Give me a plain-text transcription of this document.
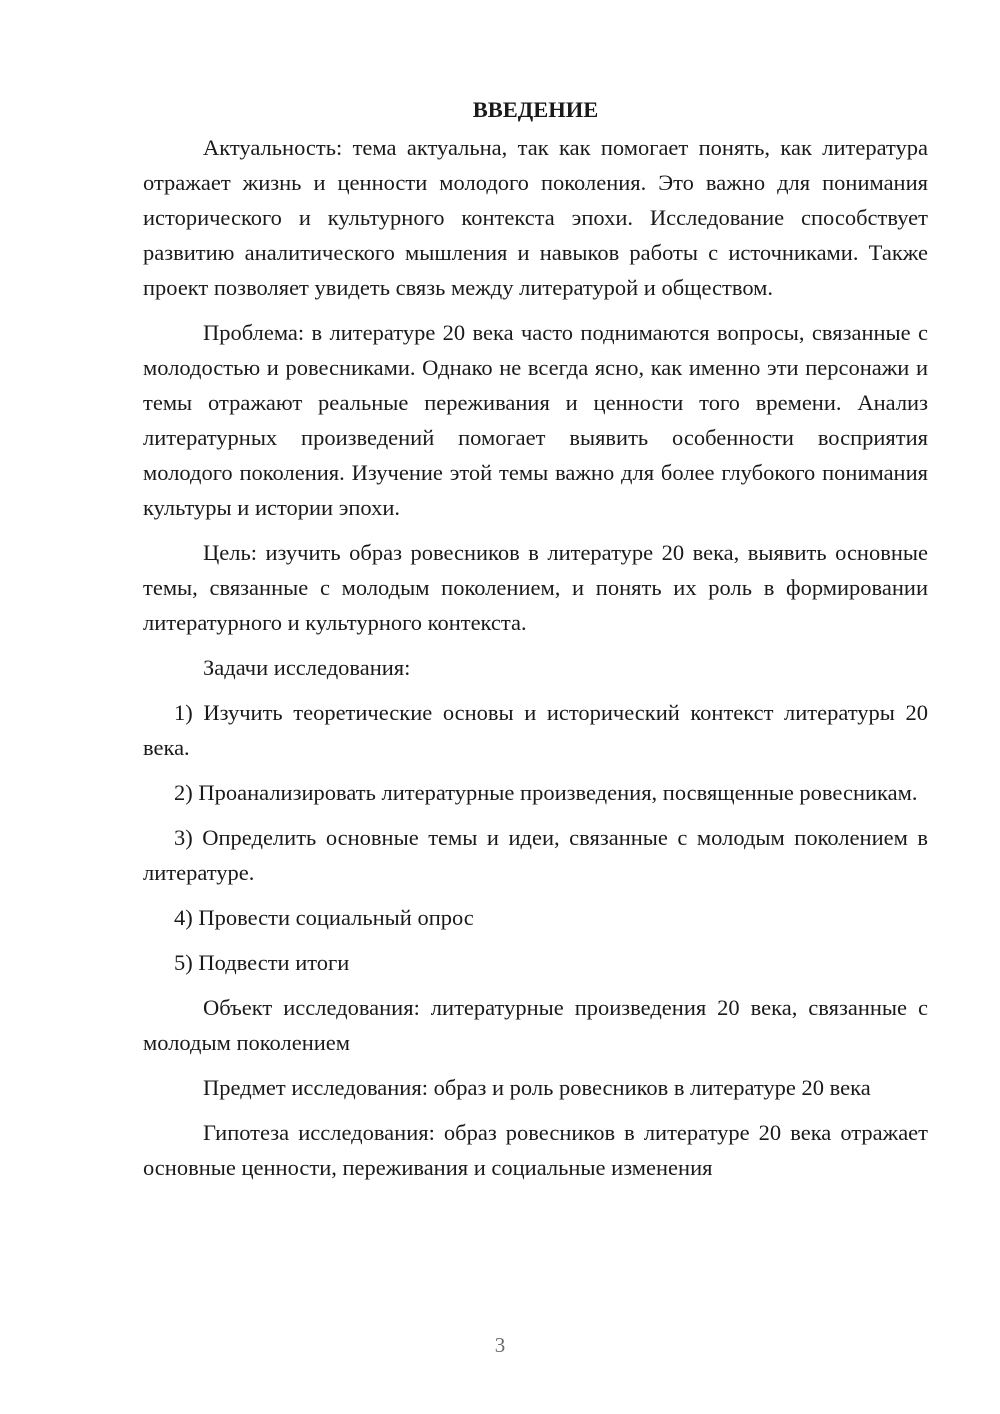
ВВЕДЕНИЕ

Актуальность: тема актуальна, так как помогает понять, как литература отражает жизнь и ценности молодого поколения. Это важно для понимания исторического и культурного контекста эпохи. Исследование способствует развитию аналитического мышления и навыков работы с источниками. Также проект позволяет увидеть связь между литературой и обществом.

Проблема: в литературе 20 века часто поднимаются вопросы, связанные с молодостью и ровесниками. Однако не всегда ясно, как именно эти персонажи и темы отражают реальные переживания и ценности того времени. Анализ литературных произведений помогает выявить особенности восприятия молодого поколения. Изучение этой темы важно для более глубокого понимания культуры и истории эпохи.

Цель: изучить образ ровесников в литературе 20 века, выявить основные темы, связанные с молодым поколением, и понять их роль в формировании литературного и культурного контекста.

Задачи исследования:

1) Изучить теоретические основы и исторический контекст литературы 20 века.

2) Проанализировать литературные произведения, посвященные ровесникам.

3) Определить основные темы и идеи, связанные с молодым поколением в литературе.

4) Провести социальный опрос

5) Подвести итоги

Объект исследования: литературные произведения 20 века, связанные с молодым поколением

Предмет исследования: образ и роль ровесников в литературе 20 века

Гипотеза исследования: образ ровесников в литературе 20 века отражает основные ценности, переживания и социальные изменения

3
